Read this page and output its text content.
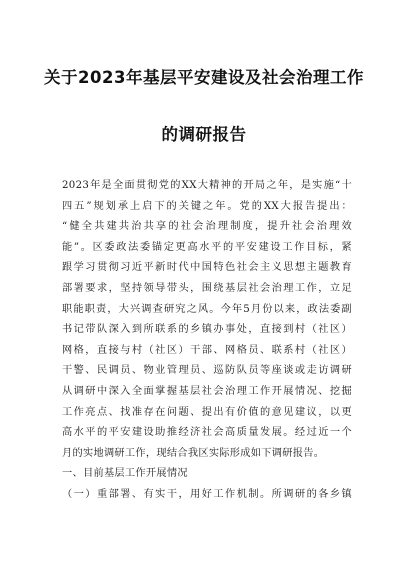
关于2023年基层平安建设及社会治理工作
的调研报告
2023年是全面贯彻党的XX大精神的开局之年，是实施“十
四五”规划承上启下的关键之年。党的XX大报告提出：
“健全共建共治共享的社会治理制度，提升社会治理效
能”。区委政法委锚定更高水平的平安建设工作目标，紧
跟学习贯彻习近平新时代中国特色社会主义思想主题教育
部署要求，坚持领导带头，围绕基层社会治理工作，立足
职能职责，大兴调查研究之风。今年5月份以来，政法委副
书记带队深入到所联系的乡镇办事处，直接到村（社区）
网格，直接与村（社区）干部、网格员、联系村（社区）
干警、民调员、物业管理员、巡防队员等座谈或走访调研
从调研中深入全面掌握基层社会治理工作开展情况、挖掘
工作亮点、找准存在问题、提出有价值的意见建议，以更
高水平的平安建设助推经济社会高质量发展。经过近一个
月的实地调研工作，现结合我区实际形成如下调研报告。
一、目前基层工作开展情况
（一）重部署、有实干，用好工作机制。所调研的各乡镇
